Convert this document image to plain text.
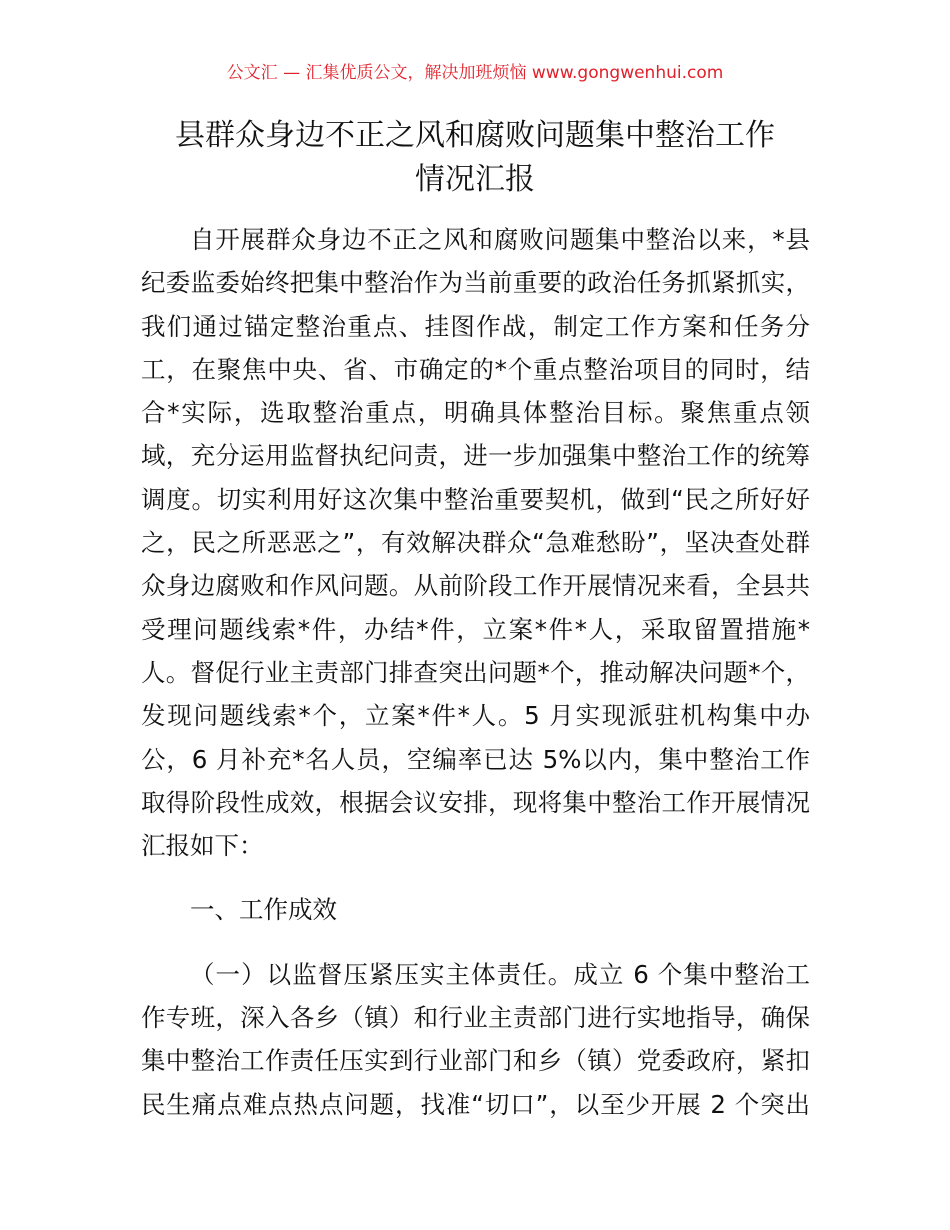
公文汇 — 汇集优质公文，解决加班烦恼 www.gongwenhui.com
县群众身边不正之风和腐败问题集中整治工作
情况汇报
自开展群众身边不正之风和腐败问题集中整治以来，*县
纪委监委始终把集中整治作为当前重要的政治任务抓紧抓实，
我们通过锚定整治重点、挂图作战，制定工作方案和任务分
工，在聚焦中央、省、市确定的*个重点整治项目的同时，结
合*实际，选取整治重点，明确具体整治目标。聚焦重点领
域，充分运用监督执纪问责，进一步加强集中整治工作的统筹
调度。切实利用好这次集中整治重要契机，做到“民之所好好
之，民之所恶恶之”，有效解决群众“急难愁盼”，坚决查处群
众身边腐败和作风问题。从前阶段工作开展情况来看，全县共
受理问题线索*件，办结*件，立案*件*人，采取留置措施*
人。督促行业主责部门排查突出问题*个，推动解决问题*个，
发现问题线索*个，立案*件*人。5 月实现派驻机构集中办
公，6 月补充*名人员，空编率已达 5%以内，集中整治工作
取得阶段性成效，根据会议安排，现将集中整治工作开展情况
汇报如下：
一、工作成效
（一）以监督压紧压实主体责任。成立 6 个集中整治工
作专班，深入各乡（镇）和行业主责部门进行实地指导，确保
集中整治工作责任压实到行业部门和乡（镇）党委政府，紧扣
民生痛点难点热点问题，找准“切口”，以至少开展 2 个突出
